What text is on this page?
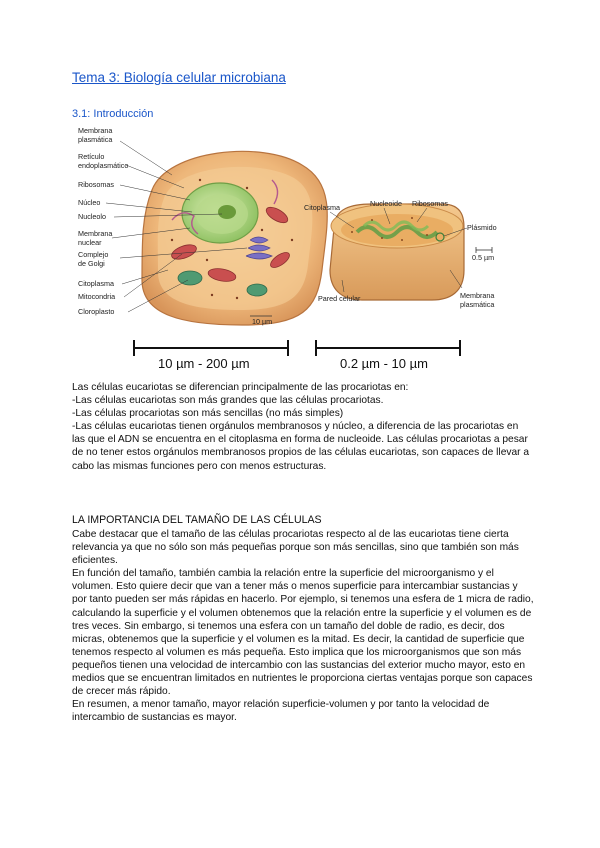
Tema 3: Biología celular microbiana
3.1: Introducción
Membrana
plasmática
Retículo
endoplasmático
Ribosomas
Núcleo
Nucleolo
Membrana
nuclear
Complejo
de Golgi
Citoplasma
Mitocondria
Cloroplasto
10 µm
Citoplasma	Nucleoide Ribosomas
Plásmido
0.5 µm
Pared celular	Membrana
plasmática
10 µm - 200 µm	0.2 µm - 10 µm

Las células eucariotas se diferencian principalmente de las procariotas en:

-Las células eucariotas son más grandes que las células procariotas.

-Las células procariotas son más sencillas (no más simples)

-Las células eucariotas tienen orgánulos membranosos y núcleo, a diferencia de las procariotas en las que el ADN se encuentra en el citoplasma en forma de nucleoide. Las células procariotas a pesar de no tener estos orgánulos membranosos propios de las células eucariotas, son capaces de llevar a cabo las mismas funciones pero con menos estructuras.

LA IMPORTANCIA DEL TAMAÑO DE LAS CÉLULAS

Cabe destacar que el tamaño de las células procariotas respecto al de las eucariotas tiene cierta relevancia ya que no sólo son más pequeñas porque son más sencillas, sino que también son más eficientes.

En función del tamaño, también cambia la relación entre la superficie del microorganismo y el volumen. Esto quiere decir que van a tener más o menos superficie para intercambiar sustancias y por tanto pueden ser más rápidas en hacerlo. Por ejemplo, si tenemos una esfera de 1 micra de radio, calculando la superficie y el volumen obtenemos que la relación entre la superficie y el volumen es de tres veces. Sin embargo, si tenemos una esfera con un tamaño del doble de radio, es decir, dos micras, obtenemos que la superficie y el volumen es la mitad. Es decir, la cantidad de superficie que tenemos respecto al volumen es más pequeña. Esto implica que los microorganismos que son más pequeños tienen una velocidad de intercambio con las sustancias del exterior mucho mayor, esto en medios que se encuentran limitados en nutrientes le proporciona ciertas ventajas porque son capaces de crecer más rápido.

En resumen, a menor tamaño, mayor relación superficie-volumen y por tanto la velocidad de intercambio de sustancias es mayor.
